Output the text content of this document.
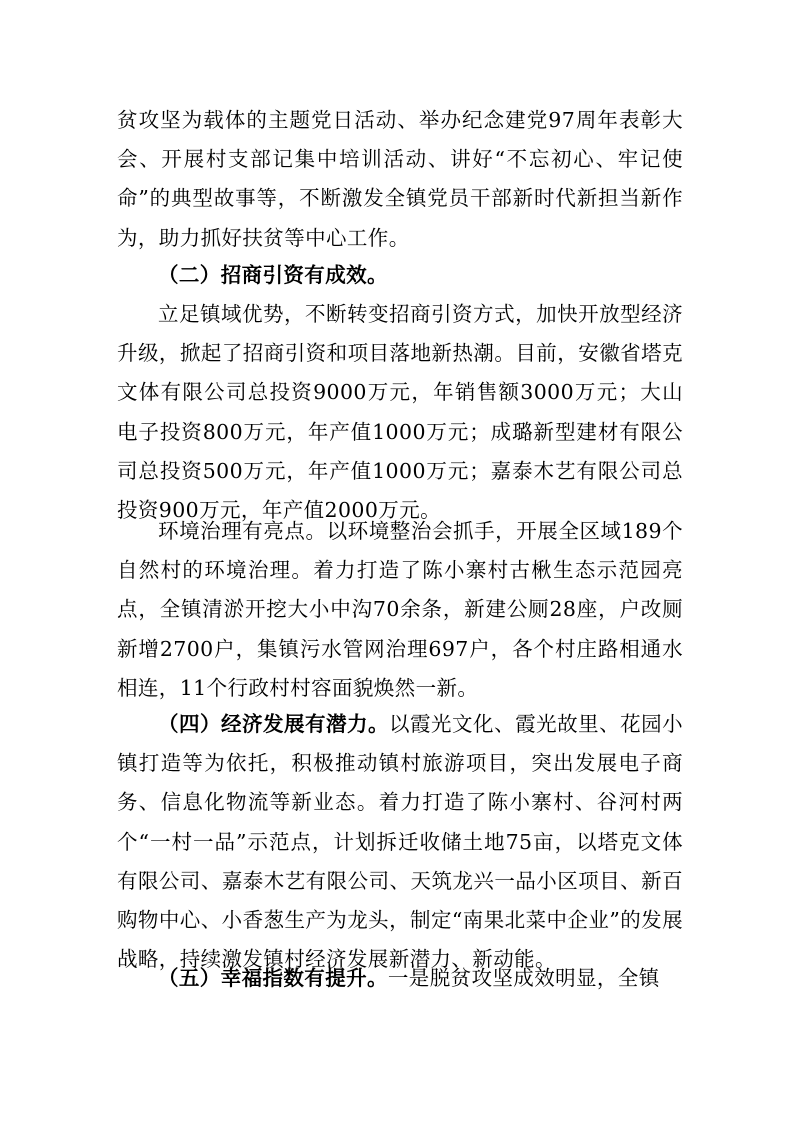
贫攻坚为载体的主题党日活动、举办纪念建党97周年表彰大会、开展村支部记集中培训活动、讲好“不忘初心、牢记使命”的典型故事等，不断激发全镇党员干部新时代新担当新作为，助力抓好扶贫等中心工作。

（二）招商引资有成效。

立足镇域优势，不断转变招商引资方式，加快开放型经济升级，掀起了招商引资和项目落地新热潮。目前，安徽省塔克文体有限公司总投资9000万元，年销售额3000万元；大山电子投资800万元，年产值1000万元；成璐新型建材有限公司总投资500万元，年产值1000万元；嘉泰木艺有限公司总投资900万元，年产值2000万元。

环境治理有亮点。以环境整治会抓手，开展全区域189个自然村的环境治理。着力打造了陈小寨村古楸生态示范园亮点，全镇清淤开挖大小中沟70余条，新建公厕28座，户改厕新增2700户，集镇污水管网治理697户，各个村庄路相通水相连，11个行政村村容面貌焕然一新。

（四）经济发展有潜力。以霞光文化、霞光故里、花园小镇打造等为依托，积极推动镇村旅游项目，突出发展电子商务、信息化物流等新业态。着力打造了陈小寨村、谷河村两个“一村一品”示范点，计划拆迁收储土地75亩，以塔克文体有限公司、嘉泰木艺有限公司、天筑龙兴一品小区项目、新百购物中心、小香葱生产为龙头，制定“南果北菜中企业”的发展战略，持续激发镇村经济发展新潜力、新动能。

（五）幸福指数有提升。一是脱贫攻坚成效明显，全镇
